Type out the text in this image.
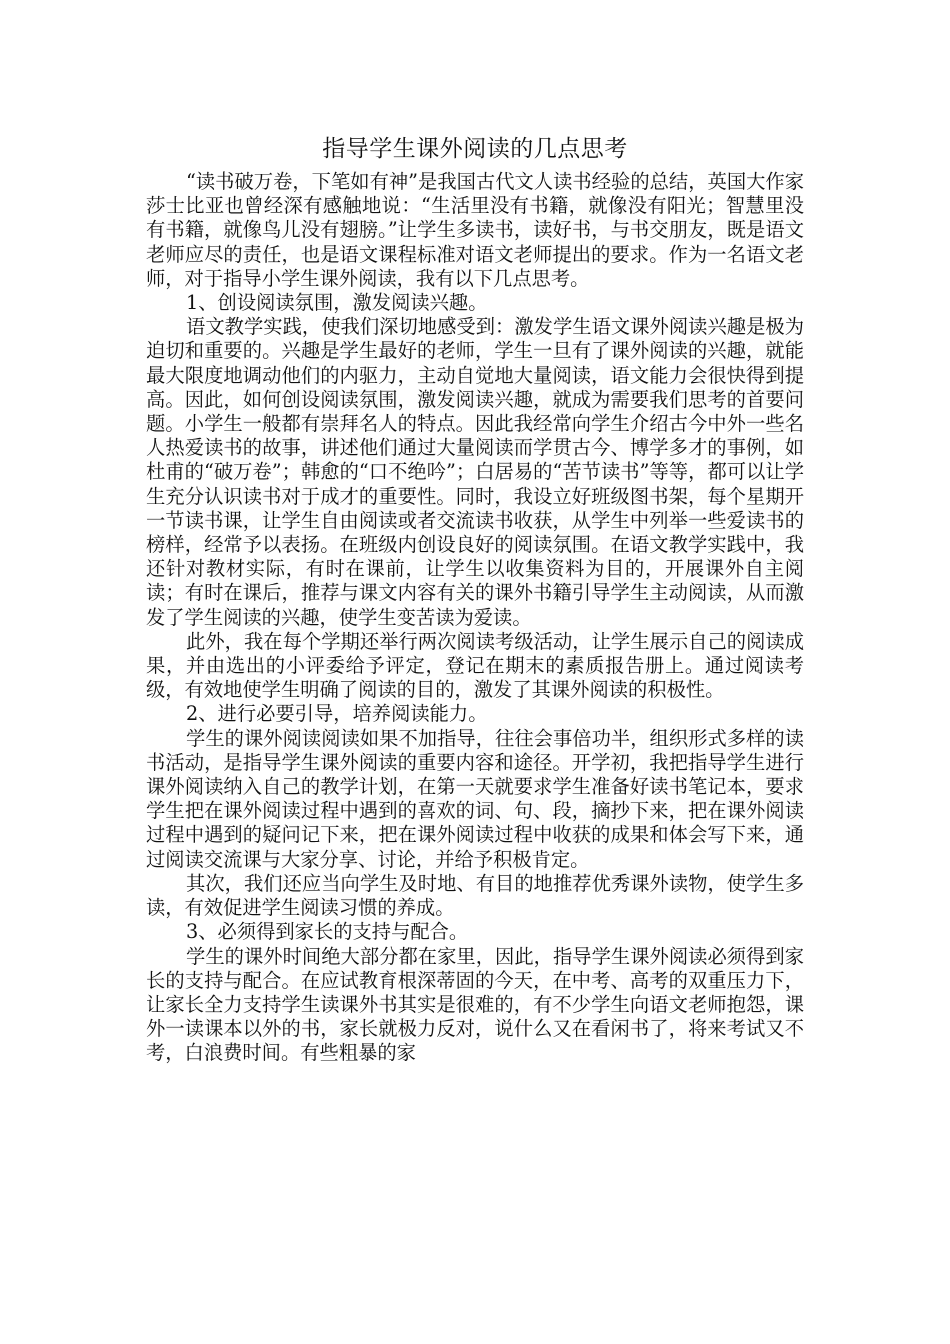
指导学生课外阅读的几点思考

“读书破万卷，下笔如有神”是我国古代文人读书经验的总结，英国大作家莎士比亚也曾经深有感触地说：“生活里没有书籍，就像没有阳光；智慧里没有书籍，就像鸟儿没有翅膀。”让学生多读书，读好书，与书交朋友，既是语文老师应尽的责任，也是语文课程标准对语文老师提出的要求。作为一名语文老师，对于指导小学生课外阅读，我有以下几点思考。

1、创设阅读氛围，激发阅读兴趣。

语文教学实践，使我们深切地感受到：激发学生语文课外阅读兴趣是极为迫切和重要的。兴趣是学生最好的老师，学生一旦有了课外阅读的兴趣，就能最大限度地调动他们的内驱力，主动自觉地大量阅读，语文能力会很快得到提高。因此，如何创设阅读氛围，激发阅读兴趣，就成为需要我们思考的首要问题。小学生一般都有崇拜名人的特点。因此我经常向学生介绍古今中外一些名人热爱读书的故事，讲述他们通过大量阅读而学贯古今、博学多才的事例，如杜甫的“破万卷”；韩愈的“口不绝吟”；白居易的“苦节读书”等等，都可以让学生充分认识读书对于成才的重要性。同时，我设立好班级图书架，每个星期开一节读书课，让学生自由阅读或者交流读书收获，从学生中列举一些爱读书的榜样，经常予以表扬。在班级内创设良好的阅读氛围。在语文教学实践中，我还针对教材实际，有时在课前，让学生以收集资料为目的，开展课外自主阅读；有时在课后，推荐与课文内容有关的课外书籍引导学生主动阅读，从而激发了学生阅读的兴趣，使学生变苦读为爱读。

此外，我在每个学期还举行两次阅读考级活动，让学生展示自己的阅读成果，并由选出的小评委给予评定，登记在期末的素质报告册上。通过阅读考级，有效地使学生明确了阅读的目的，激发了其课外阅读的积极性。

2、进行必要引导，培养阅读能力。

学生的课外阅读阅读如果不加指导，往往会事倍功半，组织形式多样的读书活动，是指导学生课外阅读的重要内容和途径。开学初，我把指导学生进行课外阅读纳入自己的教学计划，在第一天就要求学生准备好读书笔记本，要求学生把在课外阅读过程中遇到的喜欢的词、句、段，摘抄下来，把在课外阅读过程中遇到的疑问记下来，把在课外阅读过程中收获的成果和体会写下来，通过阅读交流课与大家分享、讨论，并给予积极肯定。

其次，我们还应当向学生及时地、有目的地推荐优秀课外读物，使学生多读，有效促进学生阅读习惯的养成。

3、必须得到家长的支持与配合。

学生的课外时间绝大部分都在家里，因此，指导学生课外阅读必须得到家长的支持与配合。在应试教育根深蒂固的今天，在中考、高考的双重压力下，让家长全力支持学生读课外书其实是很难的，有不少学生向语文老师抱怨，课外一读课本以外的书，家长就极力反对，说什么又在看闲书了，将来考试又不考，白浪费时间。有些粗暴的家
